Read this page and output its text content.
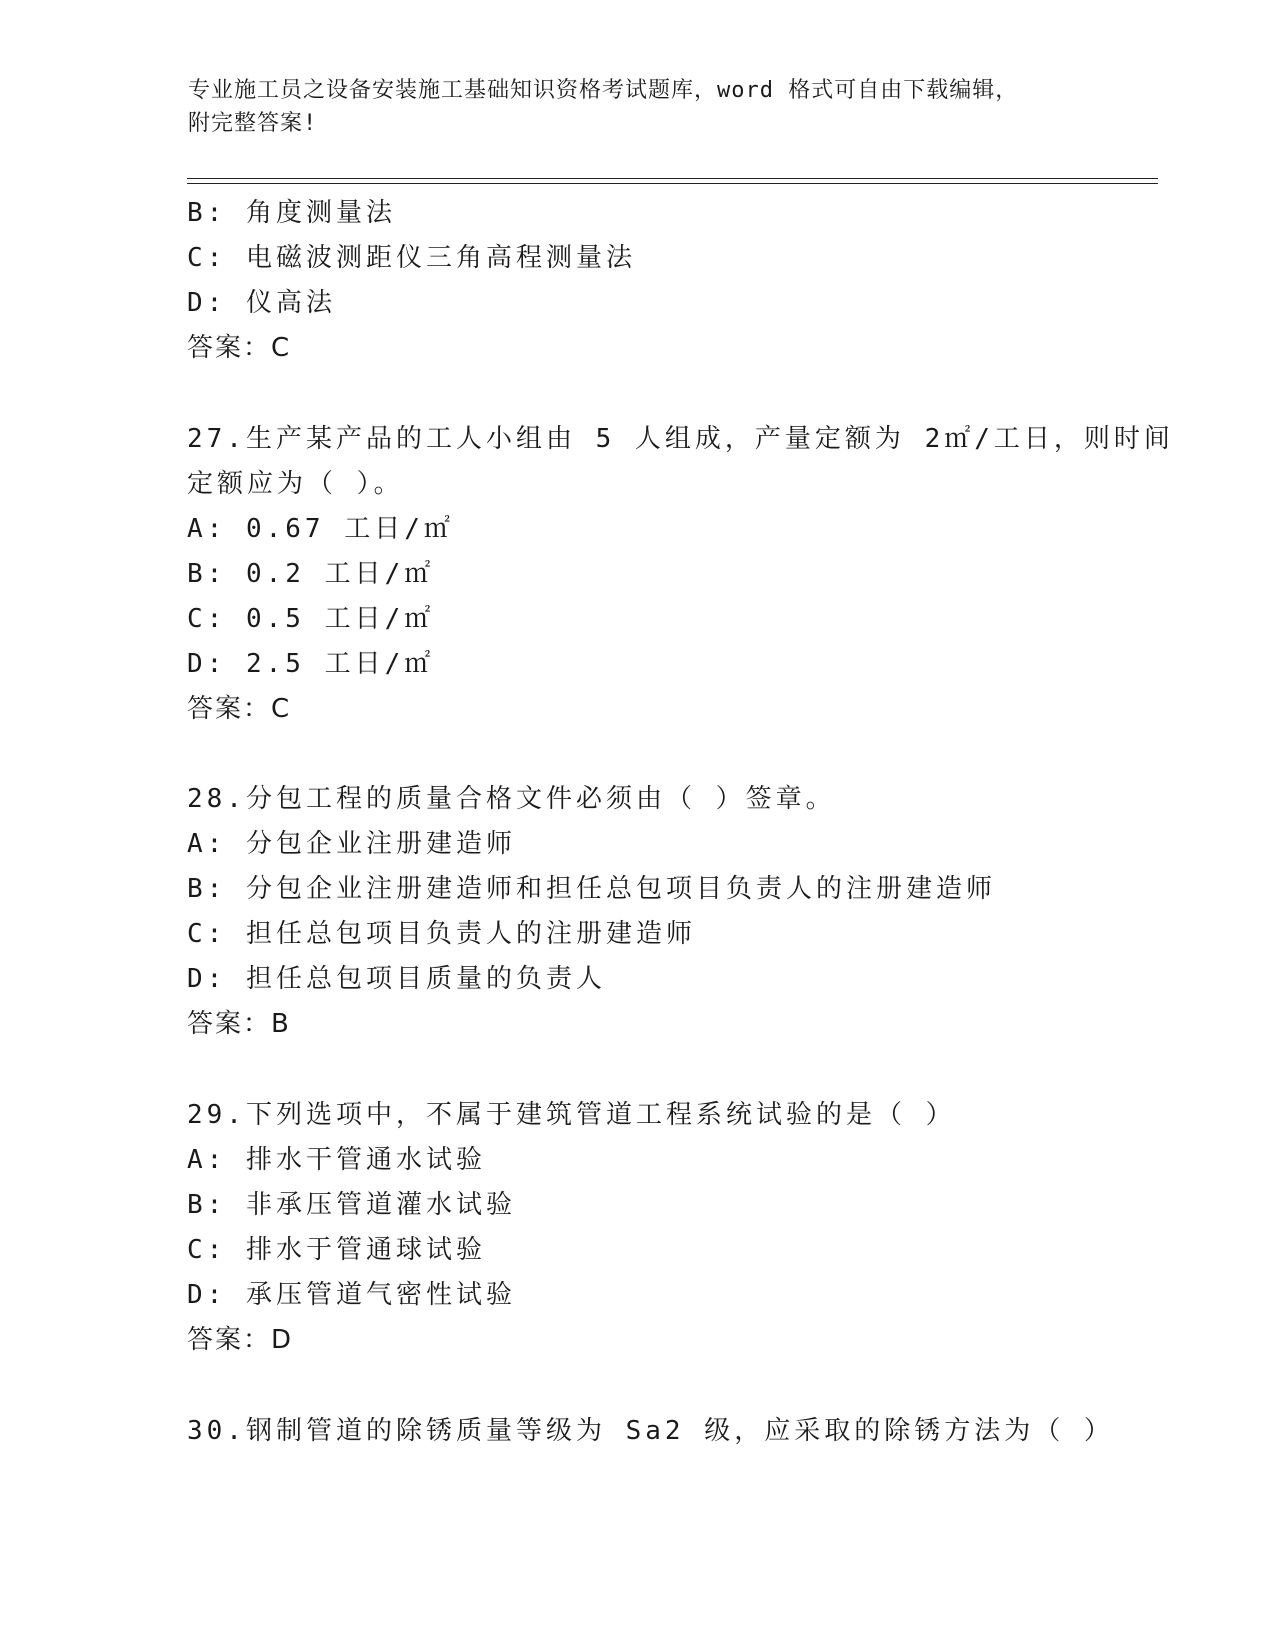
专业施工员之设备安装施工基础知识资格考试题库，word 格式可自由下载编辑，
附完整答案!
B: 角度测量法
C: 电磁波测距仪三角高程测量法
D: 仪高法
答案：C
27.生产某产品的工人小组由 5 人组成，产量定额为 2㎡/工日，则时间
定额应为（ ）。
A: 0.67 工日/㎡
B: 0.2 工日/㎡
C: 0.5 工日/㎡
D: 2.5 工日/㎡
答案：C
28.分包工程的质量合格文件必须由（ ）签章。
A: 分包企业注册建造师
B: 分包企业注册建造师和担任总包项目负责人的注册建造师
C: 担任总包项目负责人的注册建造师
D: 担任总包项目质量的负责人
答案：B
29.下列选项中，不属于建筑管道工程系统试验的是（ ）
A: 排水干管通水试验
B: 非承压管道灌水试验
C: 排水于管通球试验
D: 承压管道气密性试验
答案：D
30.钢制管道的除锈质量等级为 Sa2 级，应采取的除锈方法为（ ）
